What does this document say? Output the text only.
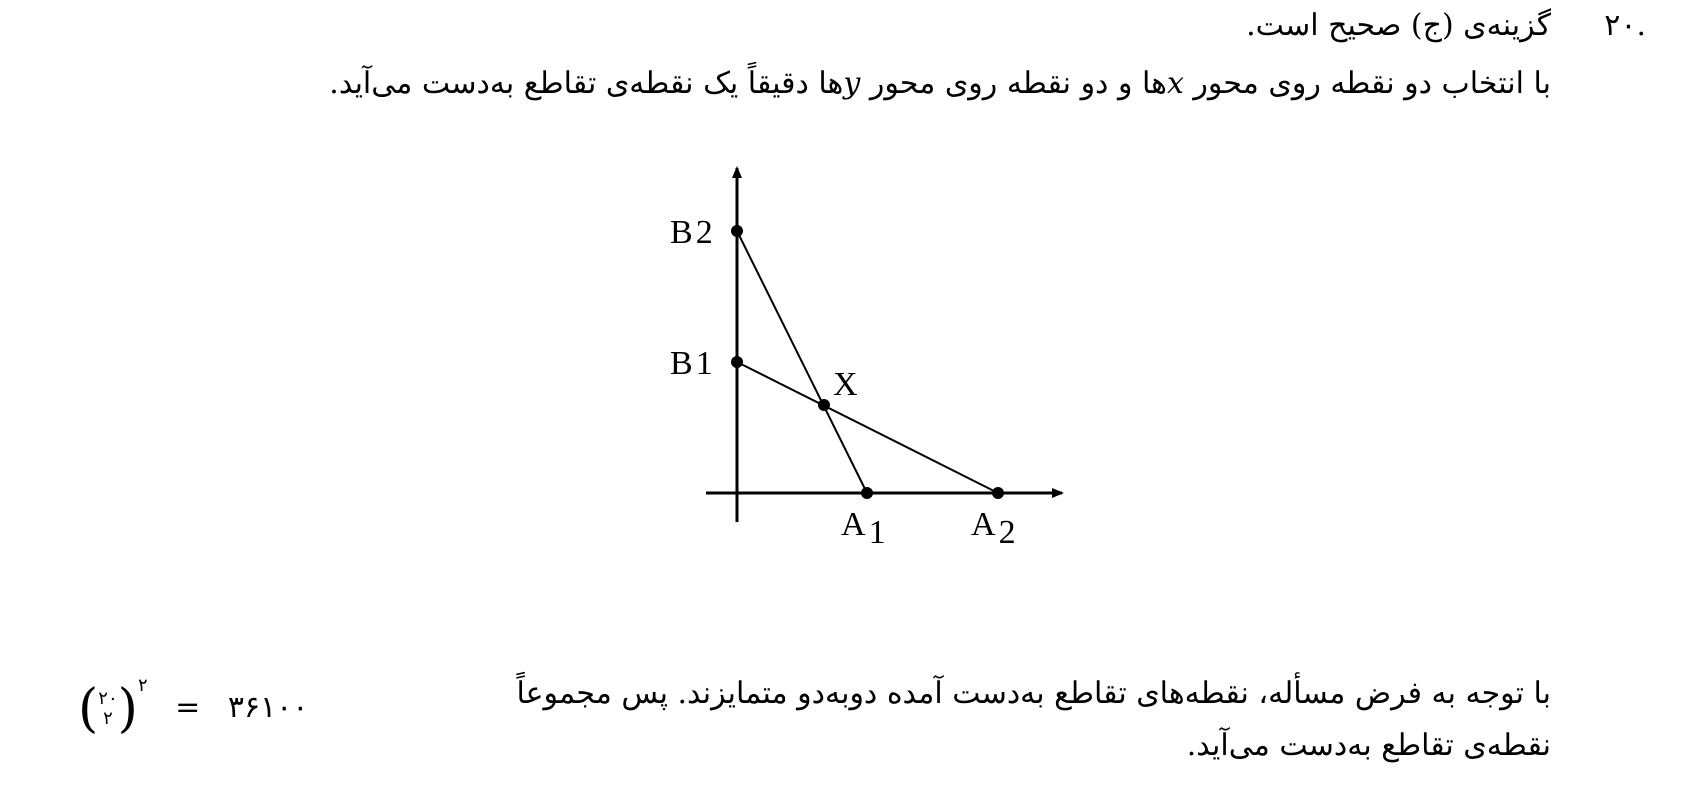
۲۰.
گزینه‌ی (ج) صحیح است.
با انتخاب دو نقطه روی محور xها و دو نقطه روی محور yها دقیقاً یک نقطه‌ی تقاطع به‌دست می‌آید.
B2
B1
X
A1	A2
با توجه به فرض مسأله، نقطه‌های تقاطع به‌دست آمده دوبه‌دو متمایزند. پس مجموعاً
(۲۰
۲)$^۲$ = ۳۶۱۰۰
نقطه‌ی تقاطع به‌دست می‌آید.
